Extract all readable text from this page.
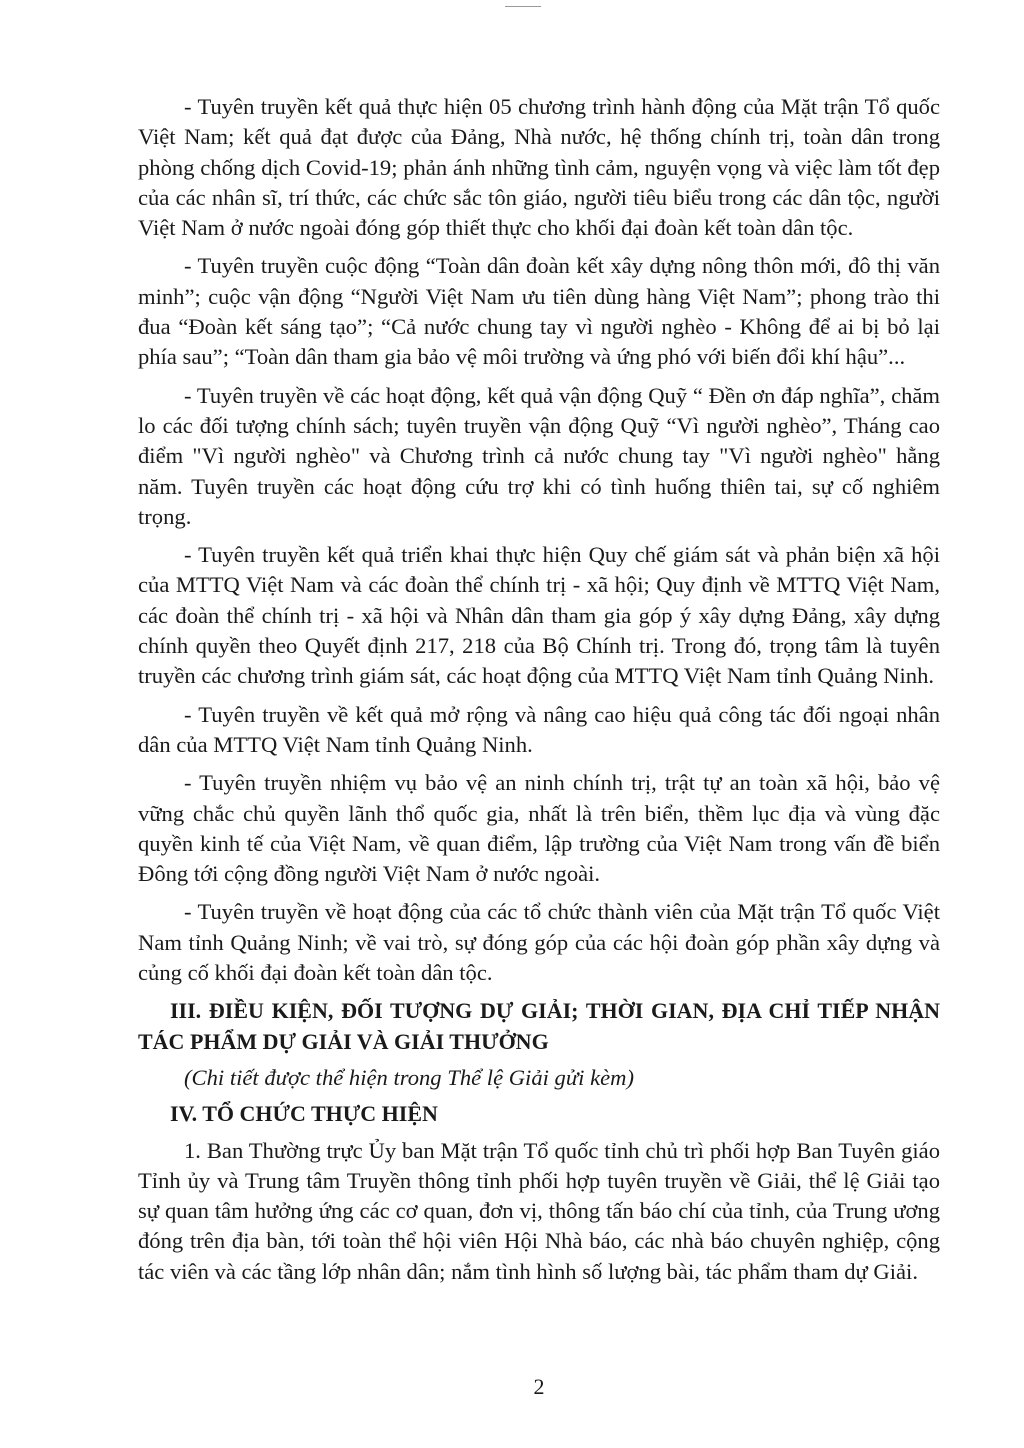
- Tuyên truyền kết quả thực hiện 05 chương trình hành động của Mặt trận Tổ quốc Việt Nam; kết quả đạt được của Đảng, Nhà nước, hệ thống chính trị, toàn dân trong phòng chống dịch Covid-19; phản ánh những tình cảm, nguyện vọng và việc làm tốt đẹp của các nhân sĩ, trí thức, các chức sắc tôn giáo, người tiêu biểu trong các dân tộc, người Việt Nam ở nước ngoài đóng góp thiết thực cho khối đại đoàn kết toàn dân tộc.

- Tuyên truyền cuộc động “Toàn dân đoàn kết xây dựng nông thôn mới, đô thị văn minh”; cuộc vận động “Người Việt Nam ưu tiên dùng hàng Việt Nam”; phong trào thi đua “Đoàn kết sáng tạo”; “Cả nước chung tay vì người nghèo - Không để ai bị bỏ lại phía sau”; “Toàn dân tham gia bảo vệ môi trường và ứng phó với biến đổi khí hậu”...

- Tuyên truyền về các hoạt động, kết quả vận động Quỹ “ Đền ơn đáp nghĩa”, chăm lo các đối tượng chính sách; tuyên truyền vận động Quỹ “Vì người nghèo”, Tháng cao điểm "Vì người nghèo" và Chương trình cả nước chung tay "Vì người nghèo" hằng năm. Tuyên truyền các hoạt động cứu trợ khi có tình huống thiên tai, sự cố nghiêm trọng.

- Tuyên truyền kết quả triển khai thực hiện Quy chế giám sát và phản biện xã hội của MTTQ Việt Nam và các đoàn thể chính trị - xã hội; Quy định về MTTQ Việt Nam, các đoàn thể chính trị - xã hội và Nhân dân tham gia góp ý xây dựng Đảng, xây dựng chính quyền theo Quyết định 217, 218 của Bộ Chính trị. Trong đó, trọng tâm là tuyên truyền các chương trình giám sát, các hoạt động của MTTQ Việt Nam tỉnh Quảng Ninh.

- Tuyên truyền về kết quả mở rộng và nâng cao hiệu quả công tác đối ngoại nhân dân của MTTQ Việt Nam tỉnh Quảng Ninh.

- Tuyên truyền nhiệm vụ bảo vệ an ninh chính trị, trật tự an toàn xã hội, bảo vệ vững chắc chủ quyền lãnh thổ quốc gia, nhất là trên biển, thềm lục địa và vùng đặc quyền kinh tế của Việt Nam, về quan điểm, lập trường của Việt Nam trong vấn đề biển Đông tới cộng đồng người Việt Nam ở nước ngoài.

- Tuyên truyền về hoạt động của các tổ chức thành viên của Mặt trận Tổ quốc Việt Nam tỉnh Quảng Ninh; về vai trò, sự đóng góp của các hội đoàn góp phần xây dựng và củng cố khối đại đoàn kết toàn dân tộc.

III. ĐIỀU KIỆN, ĐỐI TƯỢNG DỰ GIẢI; THỜI GIAN, ĐỊA CHỈ TIẾP NHẬN TÁC PHẨM DỰ GIẢI VÀ GIẢI THƯỞNG

(Chi tiết được thể hiện trong Thể lệ Giải gửi kèm)

IV. TỔ CHỨC THỰC HIỆN

1. Ban Thường trực Ủy ban Mặt trận Tổ quốc tỉnh chủ trì phối hợp Ban Tuyên giáo Tỉnh ủy và Trung tâm Truyền thông tỉnh phối hợp tuyên truyền về Giải, thể lệ Giải tạo sự quan tâm hưởng ứng các cơ quan, đơn vị, thông tấn báo chí của tỉnh, của Trung ương đóng trên địa bàn, tới toàn thể hội viên Hội Nhà báo, các nhà báo chuyên nghiệp, cộng tác viên và các tầng lớp nhân dân; nắm tình hình số lượng bài, tác phẩm tham dự Giải.

2
